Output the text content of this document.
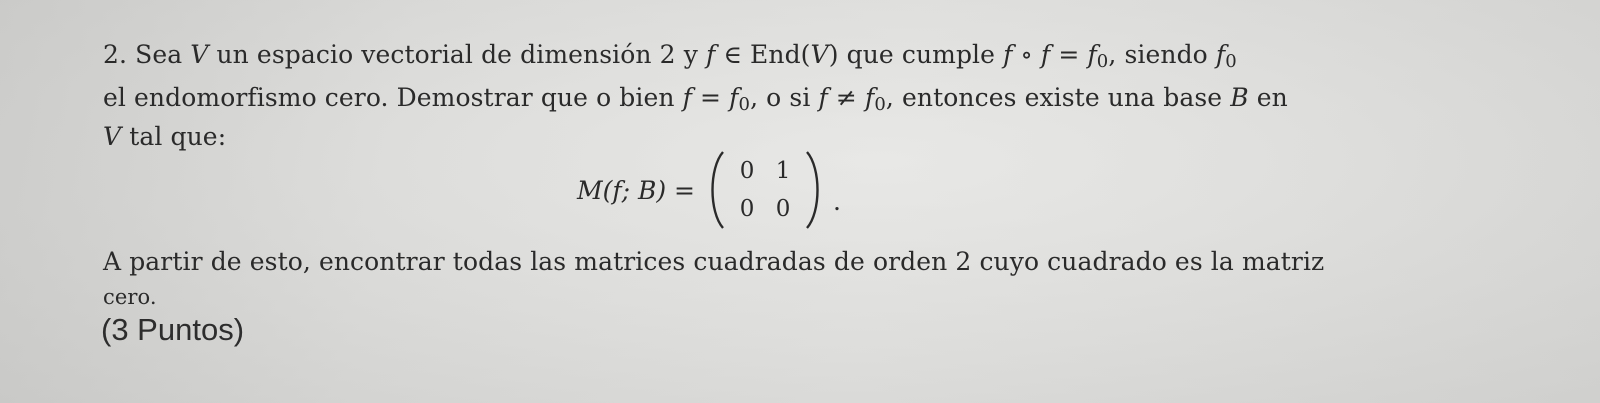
2. Sea V un espacio vectorial de dimensión 2 y f ∈ End(V) que cumple f ∘ $f = f_0$, siendo $f_0$
el endomorfismo cero. Demostrar que o bien $f = f_0$, o si $f \ne f_0$, entonces existe una base B en
V tal que:
M(f; B) =
0 1
0 0 .
A partir de esto, encontrar todas las matrices cuadradas de orden 2 cuyo cuadrado es la matriz
cero.
(3 Puntos)
